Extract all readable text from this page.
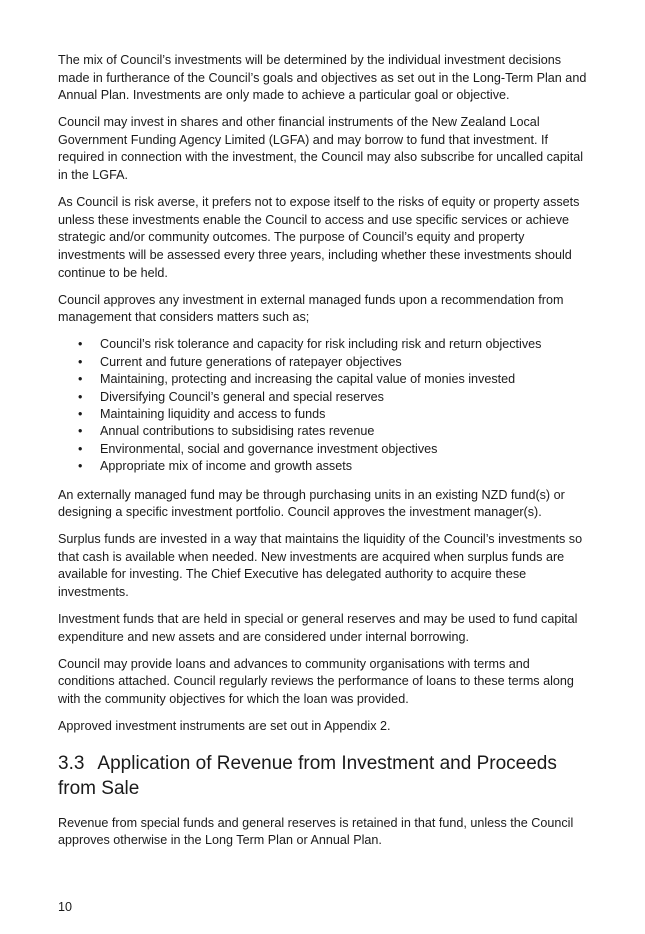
The mix of Council’s investments will be determined by the individual investment decisions made in furtherance of the Council’s goals and objectives as set out in the Long-Term Plan and Annual Plan. Investments are only made to achieve a particular goal or objective.

Council may invest in shares and other financial instruments of the New Zealand Local Government Funding Agency Limited (LGFA) and may borrow to fund that investment. If required in connection with the investment, the Council may also subscribe for uncalled capital in the LGFA.

As Council is risk averse, it prefers not to expose itself to the risks of equity or property assets unless these investments enable the Council to access and use specific services or achieve strategic and/or community outcomes. The purpose of Council’s equity and property investments will be assessed every three years, including whether these investments should continue to be held.

Council approves any investment in external managed funds upon a recommendation from management that considers matters such as;

• Council’s risk tolerance and capacity for risk including risk and return objectives
• Current and future generations of ratepayer objectives
• Maintaining, protecting and increasing the capital value of monies invested
• Diversifying Council’s general and special reserves
• Maintaining liquidity and access to funds
• Annual contributions to subsidising rates revenue
• Environmental, social and governance investment objectives
• Appropriate mix of income and growth assets

An externally managed fund may be through purchasing units in an existing NZD fund(s) or designing a specific investment portfolio. Council approves the investment manager(s).

Surplus funds are invested in a way that maintains the liquidity of the Council’s investments so that cash is available when needed. New investments are acquired when surplus funds are available for investing. The Chief Executive has delegated authority to acquire these investments.

Investment funds that are held in special or general reserves and may be used to fund capital expenditure and new assets and are considered under internal borrowing.

Council may provide loans and advances to community organisations with terms and conditions attached. Council regularly reviews the performance of loans to these terms along with the community objectives for which the loan was provided.

Approved investment instruments are set out in Appendix 2.

3.3 Application of Revenue from Investment and Proceeds from Sale

Revenue from special funds and general reserves is retained in that fund, unless the Council approves otherwise in the Long Term Plan or Annual Plan.

10
